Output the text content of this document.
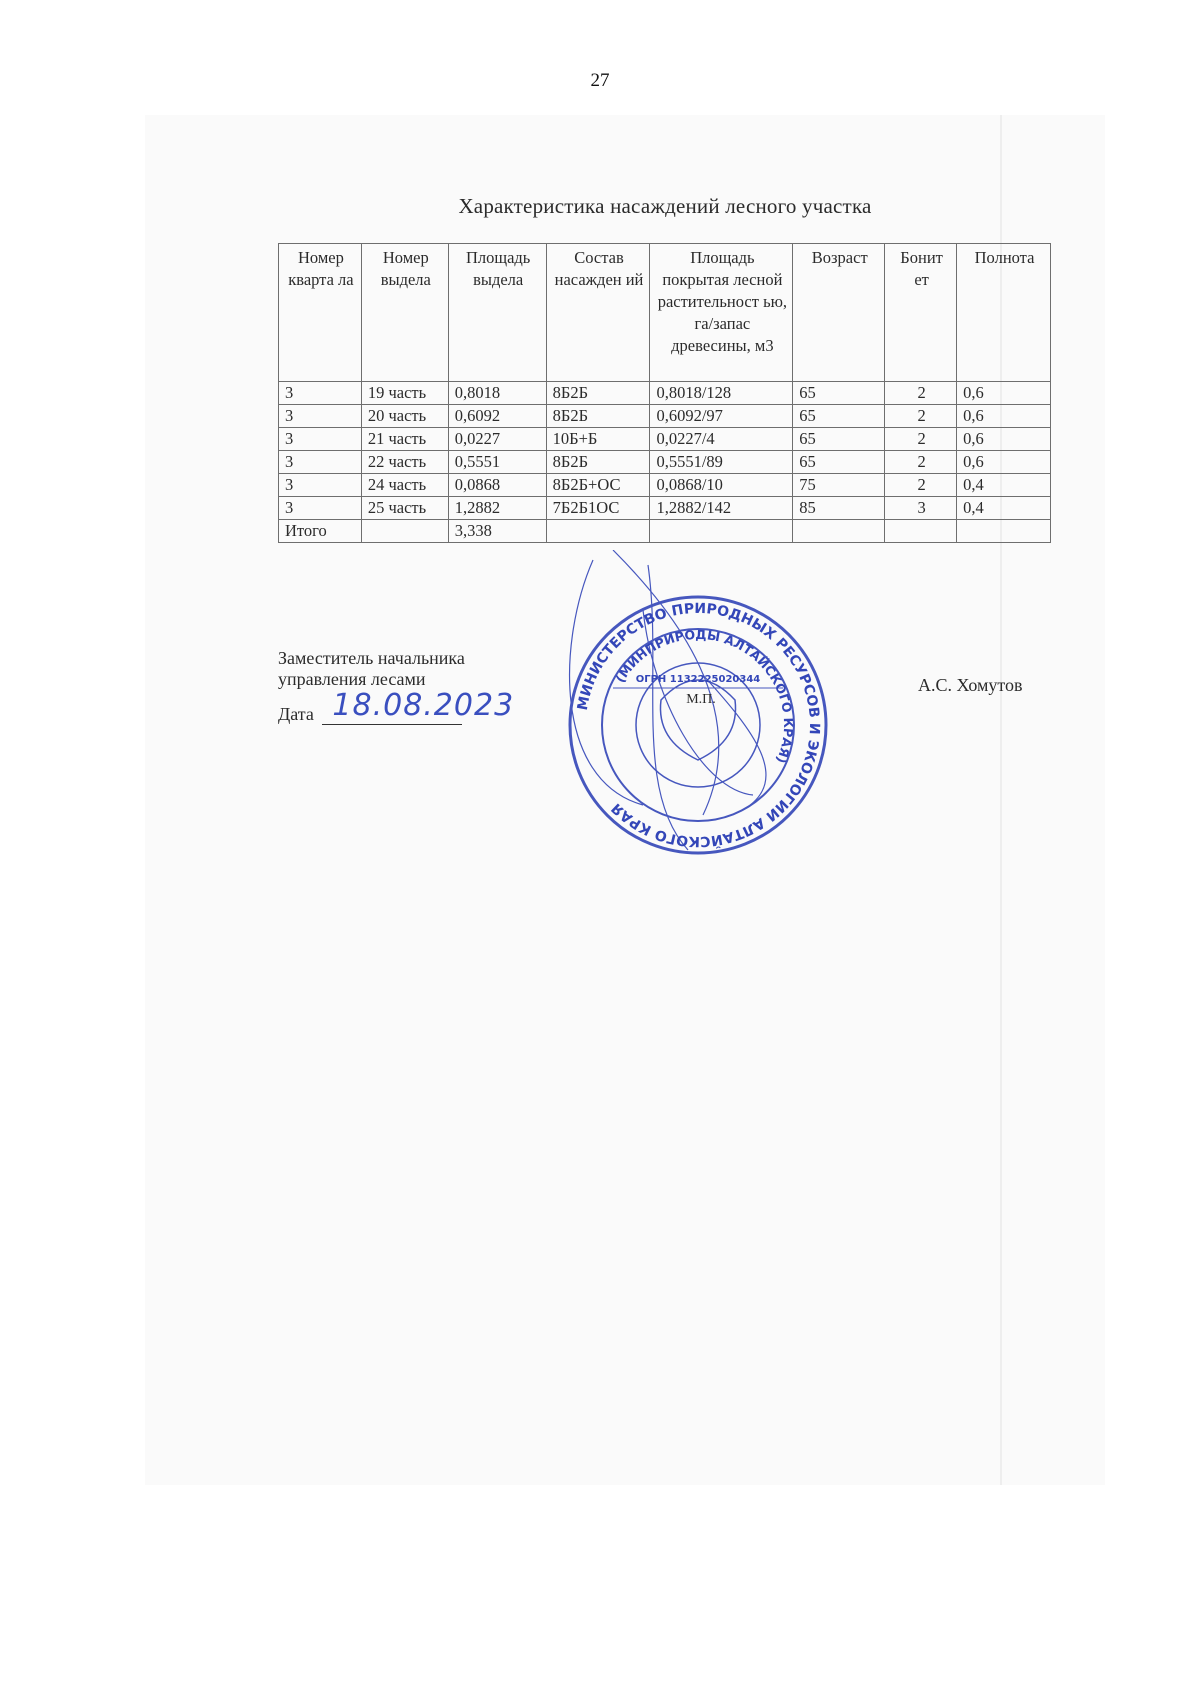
27
Характеристика насаждений лесного участка
Номер кварта ла	Номер выдела	Площадь выдела	Состав насажден ий	Площадь покрытая лесной растительност ью, га/запас древесины, м3	Возраст	Бонит ет	Полнота
3	19 часть	0,8018	8Б2Б	0,8018/128	65	2	0,6
3	20 часть	0,6092	8Б2Б	0,6092/97	65	2	0,6
3	21 часть	0,0227	10Б+Б	0,0227/4	65	2	0,6
3	22 часть	0,5551	8Б2Б	0,5551/89	65	2	0,6
3	24 часть	0,0868	8Б2Б+ОС	0,0868/10	75	2	0,4
3	25 часть	1,2882	7Б2Б1ОС	1,2882/142	85	3	0,4
Итого		3,338					
Заместитель начальника
управления лесами
Дата 18.08.2023
А.С. Хомутов
МИНИСТЕРСТВО ПРИРОДНЫХ РЕСУРСОВ И ЭКОЛОГИИ АЛТАЙСКОГО КРАЯ
(МИНПРИРОДЫ АЛТАЙСКОГО КРАЯ)
ОГРН 1132225020344
М.П.
